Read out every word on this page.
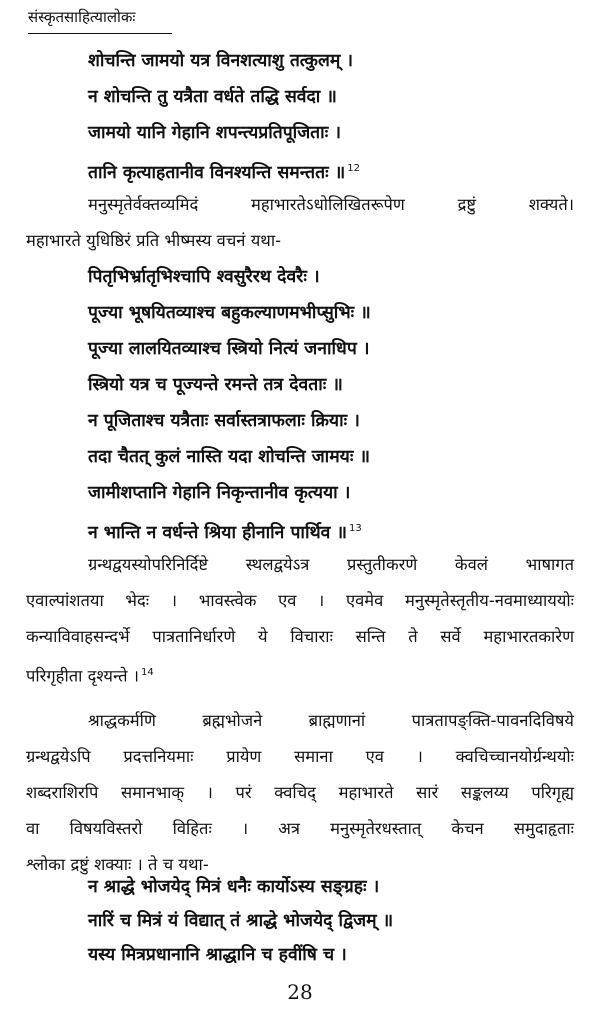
संस्कृतसाहित्यालोकः
शोचन्ति जामयो यत्र विनशत्याशु तत्कुलम् ।
न शोचन्ति तु यत्रैता वर्धते तद्धि सर्वदा ॥
जामयो यानि गेहानि शपन्त्यप्रतिपूजिताः ।
तानि कृत्याहतानीव विनश्यन्ति समन्ततः ॥ $^{12}$
मनुस्मृतेर्वक्तव्यमिदं महाभारतेऽधोलिखितरूपेण द्रष्टुं शक्यते।
महाभारते युधिष्ठिरं प्रति भीष्मस्य वचनं यथा-
पितृभिर्भ्रातृभिश्चापि श्वसुरैरथ देवरैः ।
पूज्या भूषयितव्याश्च बहुकल्याणमभीप्सुभिः ॥
पूज्या लालयितव्याश्च स्त्रियो नित्यं जनाधिप ।
स्त्रियो यत्र च पूज्यन्ते रमन्ते तत्र देवताः ॥
न पूजिताश्च यत्रैताः सर्वास्तत्राफलाः क्रियाः ।
तदा चैतत् कुलं नास्ति यदा शोचन्ति जामयः ॥
जामीशप्तानि गेहानि निकृन्तानीव कृत्यया ।
न भान्ति न वर्धन्ते श्रिया हीनानि पार्थिव ॥ $^{13}$
ग्रन्थद्वयस्योपरिनिर्दिष्टे स्थलद्वयेऽत्र प्रस्तुतीकरणे केवलं भाषागत
एवाल्पांशतया भेदः । भावस्त्वेक एव । एवमेव मनुस्मृतेस्तृतीय-नवमाध्याययोः
कन्याविवाहसन्दर्भे पात्रतानिर्धारणे ये विचाराः सन्ति ते सर्वे महाभारतकारेण
परिगृहीता दृश्यन्ते । $^{14}$
श्राद्धकर्मणि ब्रह्मभोजने ब्राह्मणानां पात्रतापङ्क्ति-पावनदिविषये
ग्रन्थद्वयेऽपि प्रदत्तनियमाः प्रायेण समाना एव । क्वचिच्चानयोर्ग्रन्थयोः
शब्दराशिरपि समानभाक् । परं क्वचिद् महाभारते सारं सङ्कलय्य परिगृह्य
वा विषयविस्तरो विहितः । अत्र मनुस्मृतेरधस्तात् केचन समुदाहृताः
श्लोका द्रष्टुं शक्याः । ते च यथा-
न श्राद्धे भोजयेद् मित्रं धनैः कार्योऽस्य सङ्ग्रहः ।
नारिं च मित्रं यं विद्यात् तं श्राद्धे भोजयेद् द्विजम् ॥
यस्य मित्रप्रधानानि श्राद्धानि च हवींषि च ।
28
